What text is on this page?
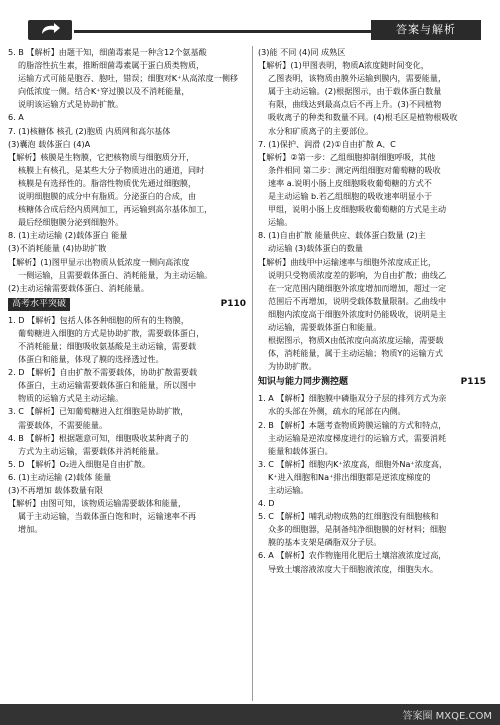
答案与解析

5. B 【解析】由题干知，细菌毒素是一种含12个氨基酸

的脂溶性抗生素，推断细菌毒素属于蛋白质类物质，

运输方式可能是胞吞、胞吐，错误；细胞对K⁺从高浓度一侧移

向低浓度一侧。结合K⁺穿过膜以及不消耗能量，

说明该运输方式是协助扩散。

6. A

7. (1)核糖体 核孔 (2)胞质 内质网和高尔基体

(3)囊泡 载体蛋白 (4)A

【解析】核膜是生物膜，它把核物质与细胞质分开，

核膜上有核孔，是某些大分子物质进出的通道，同时

核膜是有选择性的。脂溶性物质优先通过细胞膜，

说明细胞膜的成分中有脂质。分泌蛋白的合成，由

核糖体合成后经内质网加工，再运输到高尔基体加工，

最后经细胞膜分泌到细胞外。

8. (1)主动运输 (2)载体蛋白 能量

(3)不消耗能量 (4)协助扩散

【解析】(1)图甲显示出物质从低浓度一侧向高浓度

一侧运输，且需要载体蛋白、消耗能量，为主动运输。

(2)主动运输需要载体蛋白、消耗能量。

高考水平突破	P110

1. D 【解析】包括人体各种细胞的所有的生物膜，

葡萄糖进入细胞的方式是协助扩散，需要载体蛋白，

不消耗能量；细胞吸收氨基酸是主动运输，需要载

体蛋白和能量，体现了膜的选择透过性。

2. D 【解析】自由扩散不需要载体，协助扩散需要载

体蛋白，主动运输需要载体蛋白和能量，所以图中

物质的运输方式是主动运输。

3. C 【解析】已知葡萄糖进入红细胞是协助扩散，

需要载体，不需要能量。

4. B 【解析】根据题意可知，细胞吸收某种离子的

方式为主动运输，需要载体并消耗能量。

5. D 【解析】O₂进入细胞是自由扩散。

6. (1)主动运输 (2)载体 能量

(3)不再增加 载体数量有限

【解析】由图可知，该物质运输需要载体和能量，

属于主动运输，当载体蛋白饱和时，运输速率不再

增加。

(3)能 不同 (4)同 成熟区

【解析】(1)甲图表明，物质A浓度随时间变化，

乙图表明，该物质由膜外运输到膜内，需要能量，

属于主动运输。(2)根据图示，由于载体蛋白数量

有限，曲线达到最高点后不再上升。(3)不同植物

吸收离子的种类和数量不同。(4)根毛区是植物根吸收

水分和矿质离子的主要部位。

7. (1)保护、润滑 (2)①自由扩散 A、C

【解析】②第一步：乙组细胞抑制细胞呼吸，其他

条件相同 第二步：测定两组细胞对葡萄糖的吸收

速率 a.说明小肠上皮细胞吸收葡萄糖的方式不

是主动运输 b.若乙组细胞的吸收速率明显小于

甲组，说明小肠上皮细胞吸收葡萄糖的方式是主动

运输。

8. (1)自由扩散 能量供应、载体蛋白数量 (2)主

动运输 (3)载体蛋白的数量

【解析】曲线甲中运输速率与细胞外浓度成正比，

说明只受物质浓度差的影响，为自由扩散；曲线乙

在一定范围内随细胞外浓度增加而增加，超过一定

范围后不再增加，说明受载体数量限制。乙曲线中

细胞内浓度高于细胞外浓度时仍能吸收，说明是主

动运输，需要载体蛋白和能量。

根据图示，物质X由低浓度向高浓度运输，需要载

体，消耗能量，属于主动运输；物质Y的运输方式

为协助扩散。

知识与能力同步测控题	P115

1. A 【解析】细胞膜中磷脂双分子层的排列方式为亲

水的头部在外侧，疏水的尾部在内侧。

2. B 【解析】本题考查物质跨膜运输的方式和特点，

主动运输是逆浓度梯度进行的运输方式，需要消耗

能量和载体蛋白。

3. C 【解析】细胞内K⁺浓度高，细胞外Na⁺浓度高，

K⁺进入细胞和Na⁺排出细胞都是逆浓度梯度的

主动运输。

4. D

5. C 【解析】哺乳动物成熟的红细胞没有细胞核和

众多的细胞器，是制备纯净细胞膜的好材料；细胞

膜的基本支架是磷脂双分子层。

6. A 【解析】农作物施用化肥后土壤溶液浓度过高，

导致土壤溶液浓度大于细胞液浓度，细胞失水。

答案圈 MXQE.COM
